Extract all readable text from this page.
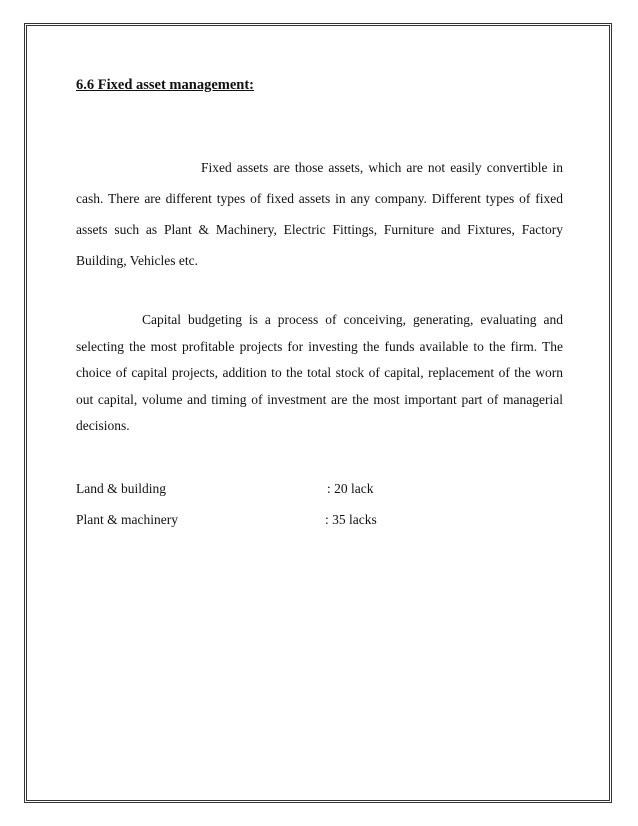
6.6 Fixed asset management:

Fixed assets are those assets, which are not easily convertible in cash. There are different types of fixed assets in any company. Different types of fixed assets such as Plant & Machinery, Electric Fittings, Furniture and Fixtures, Factory Building, Vehicles etc.

Capital budgeting is a process of conceiving, generating, evaluating and selecting the most profitable projects for investing the funds available to the firm. The choice of capital projects, addition to the total stock of capital, replacement of the worn out capital, volume and timing of investment are the most important part of managerial decisions.

Land & building	: 20 lack
Plant & machinery	: 35 lacks
